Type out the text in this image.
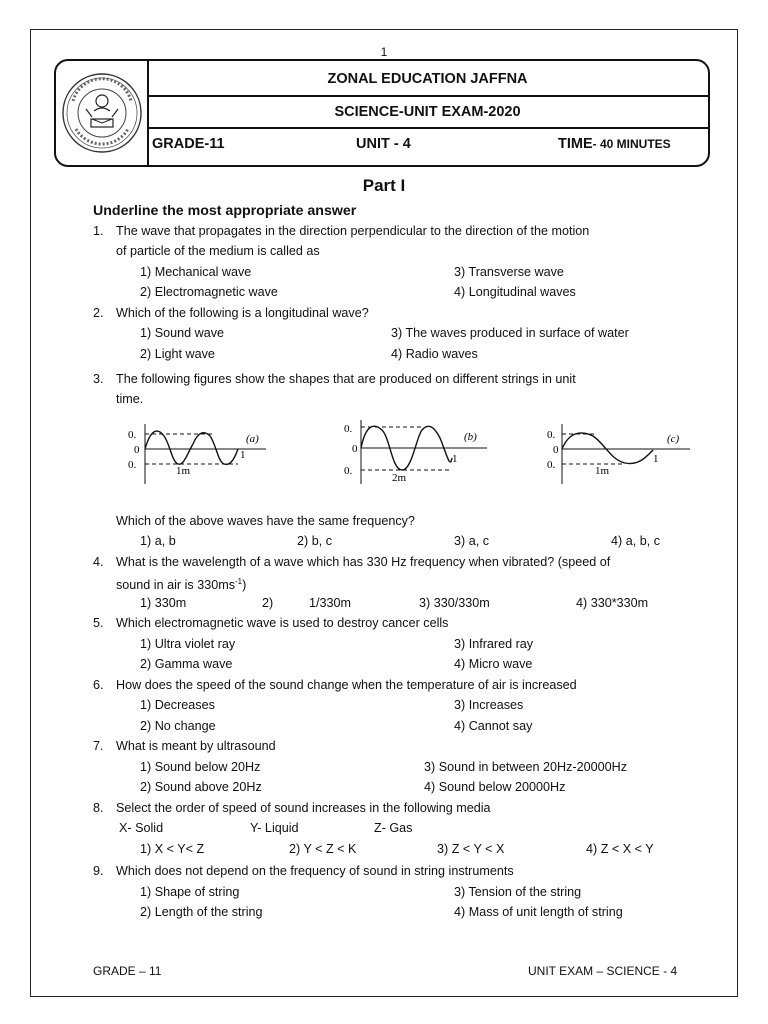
1
ZONAL EDUCATION JAFFNA
SCIENCE-UNIT EXAM-2020
GRADE-11	UNIT - 4	TIME- 40 MINUTES
Part I
Underline the most appropriate answer
1. The wave that propagates in the direction perpendicular to the direction of the motion
of particle of the medium is called as
1) Mechanical wave	3) Transverse wave
2) Electromagnetic wave	4) Longitudinal waves
2. Which of the following is a longitudinal wave?
1) Sound wave	3) The waves produced in surface of water
2) Light wave	4) Radio waves
3. The following figures show the shapes that are produced on different strings in unit
time.
0.
0
0.
1
1m
(a)
0.
0
0.
1
2m
(b)	0.
0
0.	1
1m
(c)
Which of the above waves have the same frequency?
1) a, b	2) b, c	3) a, c	4) a, b, c
4. What is the wavelength of a wave which has 330 Hz frequency when vibrated? (speed of
sound in air is $330ms^{-1}$)
1) 330m	2)	1/330m	3) 330/330m	4) 330*330m
5. Which electromagnetic wave is used to destroy cancer cells
1) Ultra violet ray	3) Infrared ray
2) Gamma wave	4) Micro wave
6. How does the speed of the sound change when the temperature of air is increased
1) Decreases	3) Increases
2) No change	4) Cannot say
7. What is meant by ultrasound
1) Sound below 20Hz	3) Sound in between 20Hz-20000Hz
2) Sound above 20Hz	4) Sound below 20000Hz
8. Select the order of speed of sound increases in the following media
X- Solid	Y- Liquid	Z- Gas
1) X < Y< Z	2) Y < Z < K	3) Z < Y < X	4) Z < X < Y
9. Which does not depend on the frequency of sound in string instruments
1) Shape of string	3) Tension of the string
2) Length of the string	4) Mass of unit length of string
GRADE – 11	UNIT EXAM – SCIENCE - 4
